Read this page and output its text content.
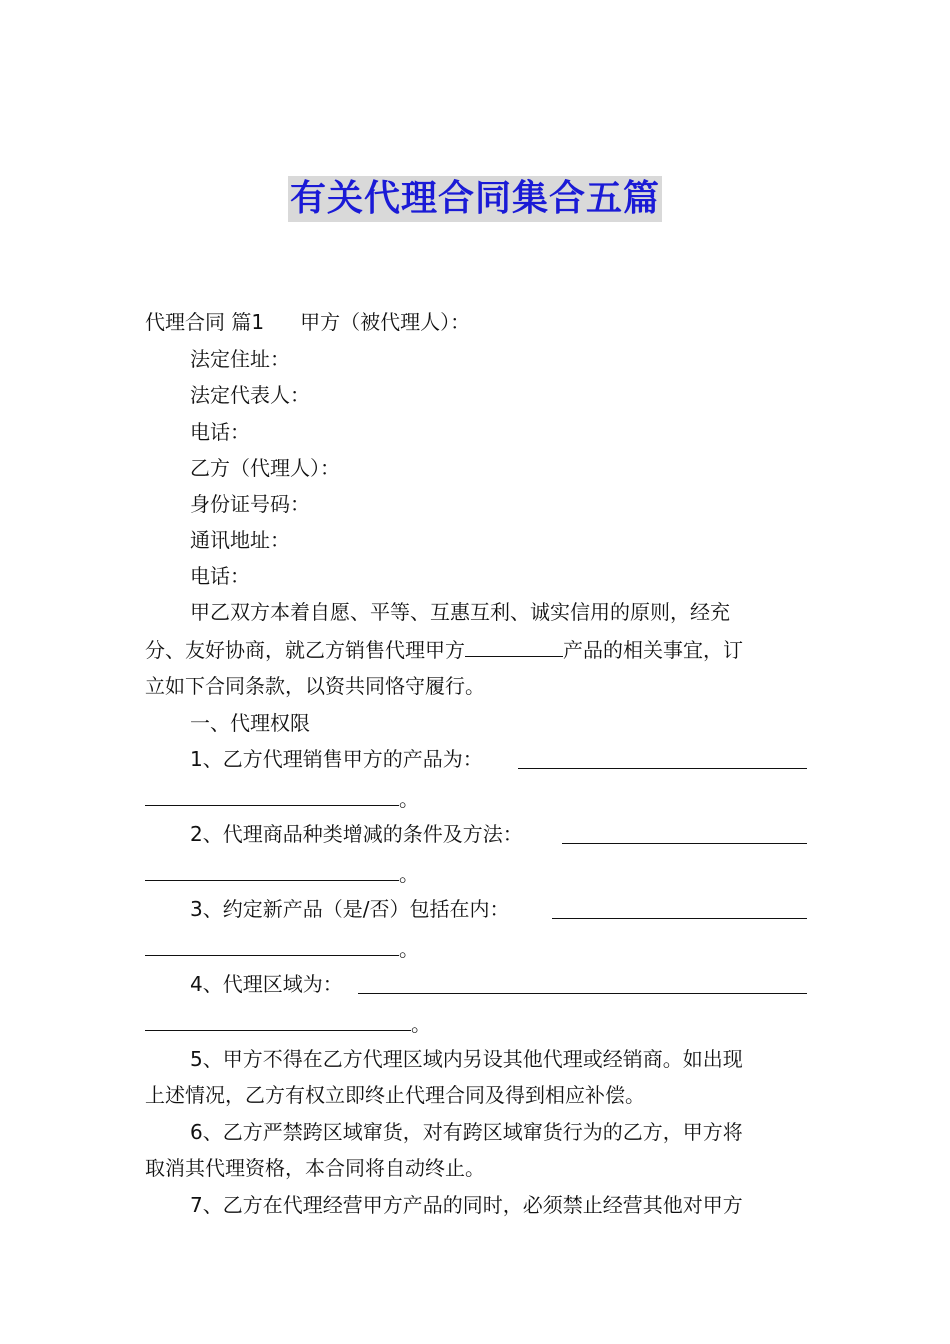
有关代理合同集合五篇
代理合同 篇1 甲方（被代理人）：
法定住址：
法定代表人：
电话：
乙方（代理人）：
身份证号码：
通讯地址：
电话：
甲乙双方本着自愿、平等、互惠互利、诚实信用的原则，经充
分、友好协商，就乙方销售代理甲方	产品的相关事宜，订
立如下合同条款，以资共同恪守履行。
一、代理权限
1、乙方代理销售甲方的产品为：
。
2、代理商品种类增减的条件及方法：
。
3、约定新产品（是/否）包括在内：
。
4、代理区域为：
。
5、甲方不得在乙方代理区域内另设其他代理或经销商。如出现
上述情况，乙方有权立即终止代理合同及得到相应补偿。
6、乙方严禁跨区域窜货，对有跨区域窜货行为的乙方，甲方将
取消其代理资格，本合同将自动终止。
7、乙方在代理经营甲方产品的同时，必须禁止经营其他对甲方
